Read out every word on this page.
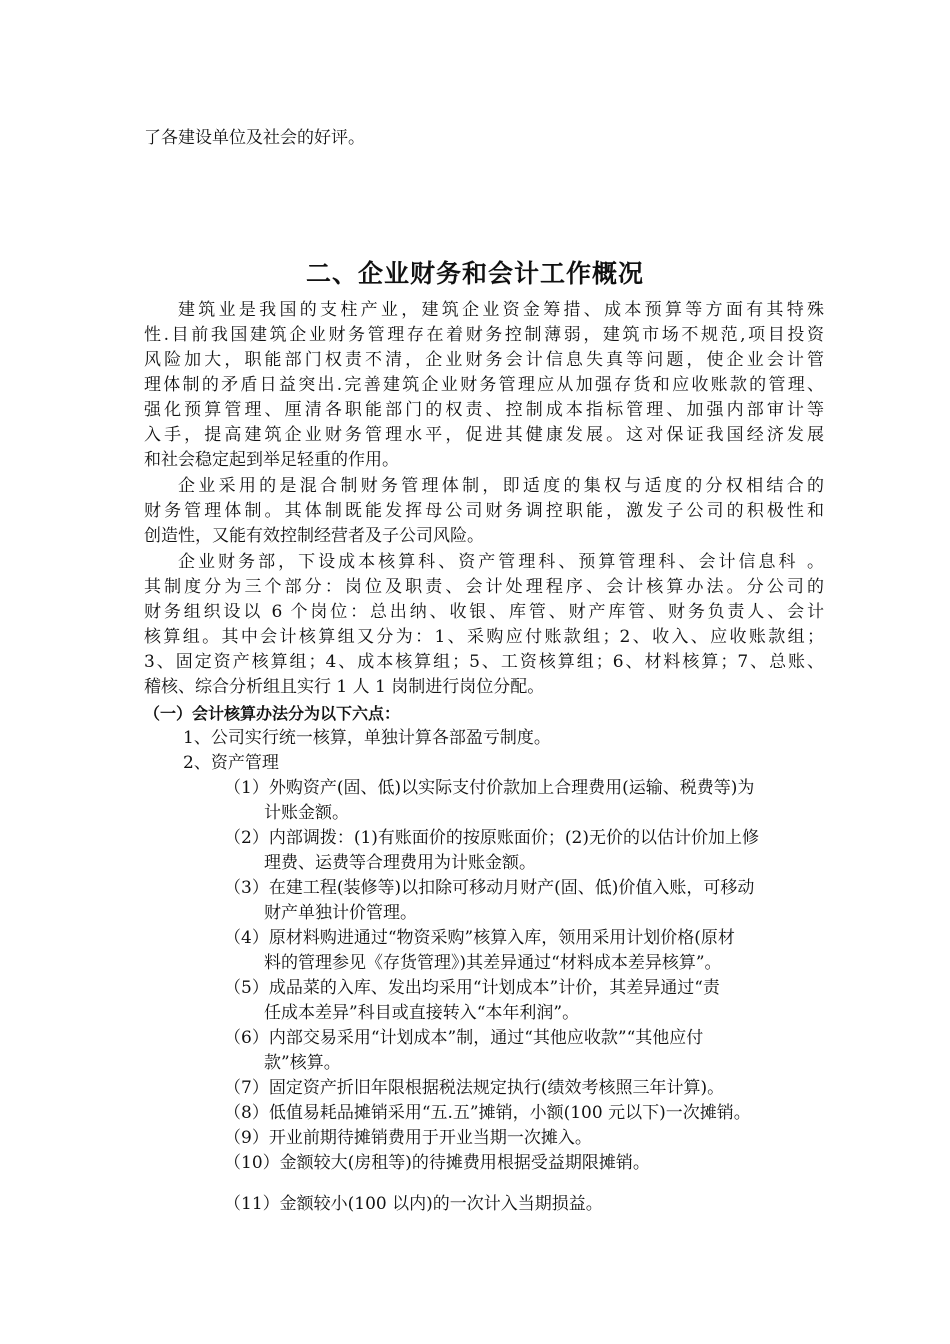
了各建设单位及社会的好评。
二、企业财务和会计工作概况
建筑业是我国的支柱产业，建筑企业资金筹措、成本预算等方面有其特殊
性.目前我国建筑企业财务管理存在着财务控制薄弱，建筑市场不规范,项目投资
风险加大，职能部门权责不清，企业财务会计信息失真等问题，使企业会计管
理体制的矛盾日益突出.完善建筑企业财务管理应从加强存货和应收账款的管理、
强化预算管理、厘清各职能部门的权责、控制成本指标管理、加强内部审计等
入手，提高建筑企业财务管理水平，促进其健康发展。这对保证我国经济发展
和社会稳定起到举足轻重的作用。
企业采用的是混合制财务管理体制，即适度的集权与适度的分权相结合的
财务管理体制。其体制既能发挥母公司财务调控职能，激发子公司的积极性和
创造性，又能有效控制经营者及子公司风险。
企业财务部，下设成本核算科、资产管理科、预算管理科、会计信息科 。
其制度分为三个部分：岗位及职责、会计处理程序、会计核算办法。分公司的
财务组织设以 6 个岗位：总出纳、收银、库管、财产库管、财务负责人、会计
核算组。其中会计核算组又分为：1、采购应付账款组；2、收入、应收账款组；
3、固定资产核算组；4、成本核算组；5、工资核算组；6、材料核算；7、总账、
稽核、综合分析组且实行 1 人 1 岗制进行岗位分配。
（一）会计核算办法分为以下六点：
1、公司实行统一核算，单独计算各部盈亏制度。
2、资产管理
（1）外购资产(固、低)以实际支付价款加上合理费用(运输、税费等)为
计账金额。
（2）内部调拨：(1)有账面价的按原账面价；(2)无价的以估计价加上修
理费、运费等合理费用为计账金额。
（3）在建工程(装修等)以扣除可移动月财产(固、低)价值入账，可移动
财产单独计价管理。
（4）原材料购进通过“物资采购”核算入库，领用采用计划价格(原材
料的管理参见《存货管理》)其差异通过“材料成本差异核算”。
（5）成品菜的入库、发出均采用“计划成本”计价，其差异通过“责
任成本差异”科目或直接转入“本年利润”。
（6）内部交易采用“计划成本”制，通过“其他应收款”“其他应付
款”核算。
（7）固定资产折旧年限根据税法规定执行(绩效考核照三年计算)。
（8）低值易耗品摊销采用“五.五”摊销，小额(100 元以下)一次摊销。
（9）开业前期待摊销费用于开业当期一次摊入。
（10）金额较大(房租等)的待摊费用根据受益期限摊销。
（11）金额较小(100 以内)的一次计入当期损益。
